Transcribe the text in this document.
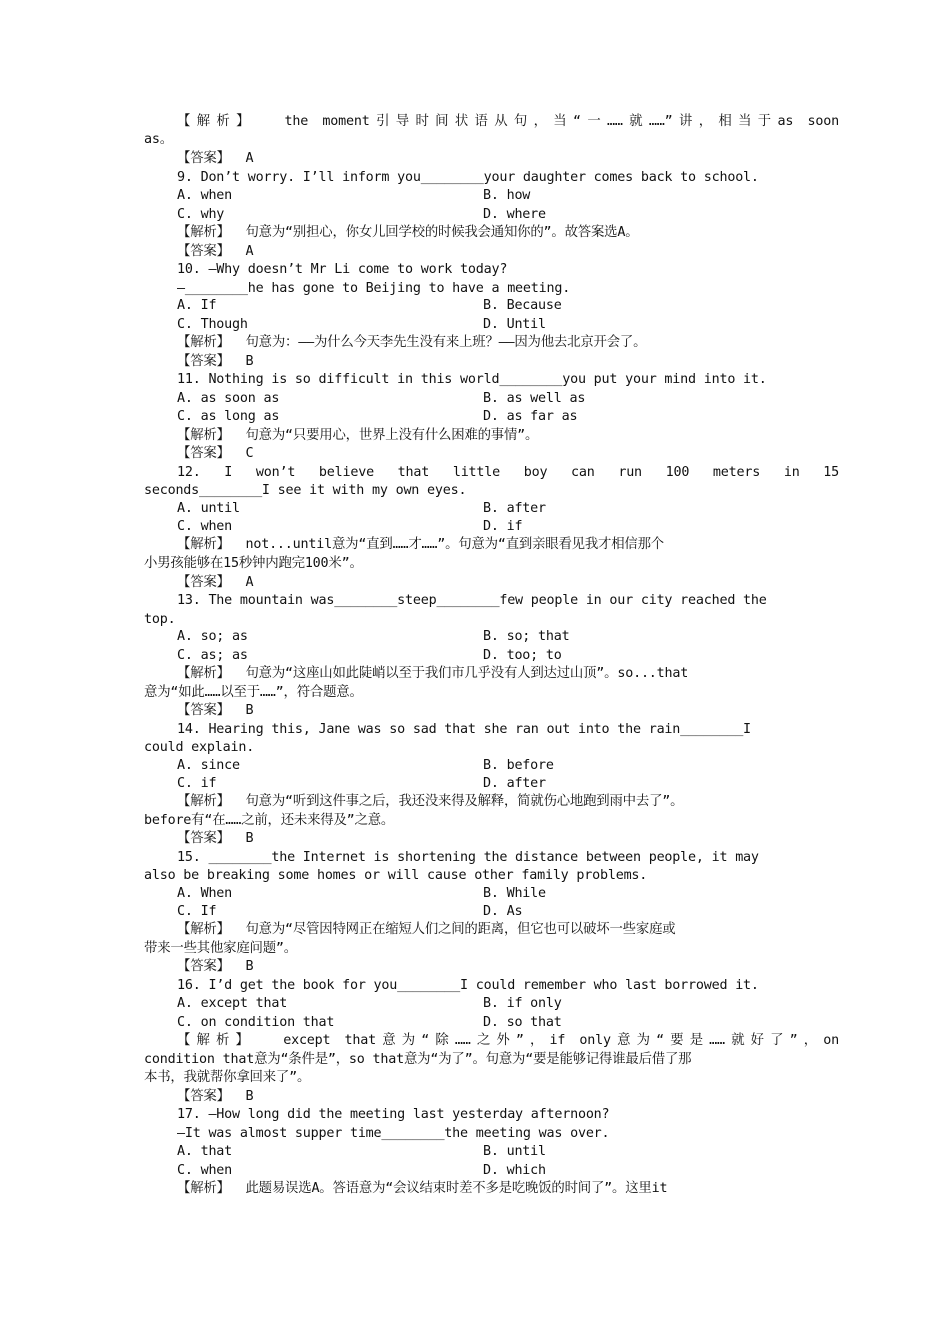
【解析】  the moment引导时间状语从句，当“一……就……”讲，相当于as soon
as。
【答案】  A
9. Don’t worry. I’ll inform you________your daughter comes back to school.
A. when	B. how
C. why	D. where
【解析】  句意为“别担心，你女儿回学校的时候我会通知你的”。故答案选A。
【答案】  A
10. —Why doesn’t Mr Li come to work today?
—________he has gone to Beijing to have a meeting.
A. If	B. Because
C. Though	D. Until
【解析】  句意为：——为什么今天李先生没有来上班？——因为他去北京开会了。
【答案】  B
11. Nothing is so difficult in this world________you put your mind into it.
A. as soon as	B. as well as
C. as long as	D. as far as
【解析】  句意为“只要用心，世界上没有什么困难的事情”。
【答案】  C
12. I won’t believe that little boy can run 100 meters in 15
seconds________I see it with my own eyes.
A. until	B. after
C. when	D. if
【解析】  not...until意为“直到……才……”。句意为“直到亲眼看见我才相信那个
小男孩能够在15秒钟内跑完100米”。
【答案】  A
13. The mountain was________steep________few people in our city reached the
top.
A. so; as	B. so; that
C. as; as	D. too; to
【解析】  句意为“这座山如此陡峭以至于我们市几乎没有人到达过山顶”。so...that
意为“如此……以至于……”，符合题意。
【答案】  B
14. Hearing this, Jane was so sad that she ran out into the rain________I
could explain.
A. since	B. before
C. if	D. after
【解析】  句意为“听到这件事之后，我还没来得及解释，简就伤心地跑到雨中去了”。
before有“在……之前，还未来得及”之意。
【答案】  B
15. ________the Internet is shortening the distance between people, it may
also be breaking some homes or will cause other family problems.
A. When	B. While
C. If	D. As
【解析】  句意为“尽管因特网正在缩短人们之间的距离，但它也可以破坏一些家庭或
带来一些其他家庭问题”。
【答案】  B
16. I’d get the book for you________I could remember who last borrowed it.
A. except that	B. if only
C. on condition that	D. so that
【解析】  except that意为“除……之外”，if only意为“要是……就好了”，on
condition that意为“条件是”，so that意为“为了”。句意为“要是能够记得谁最后借了那
本书，我就帮你拿回来了”。
【答案】  B
17. —How long did the meeting last yesterday afternoon?
—It was almost supper time________the meeting was over.
A. that	B. until
C. when	D. which
【解析】  此题易误选A。答语意为“会议结束时差不多是吃晚饭的时间了”。这里it
